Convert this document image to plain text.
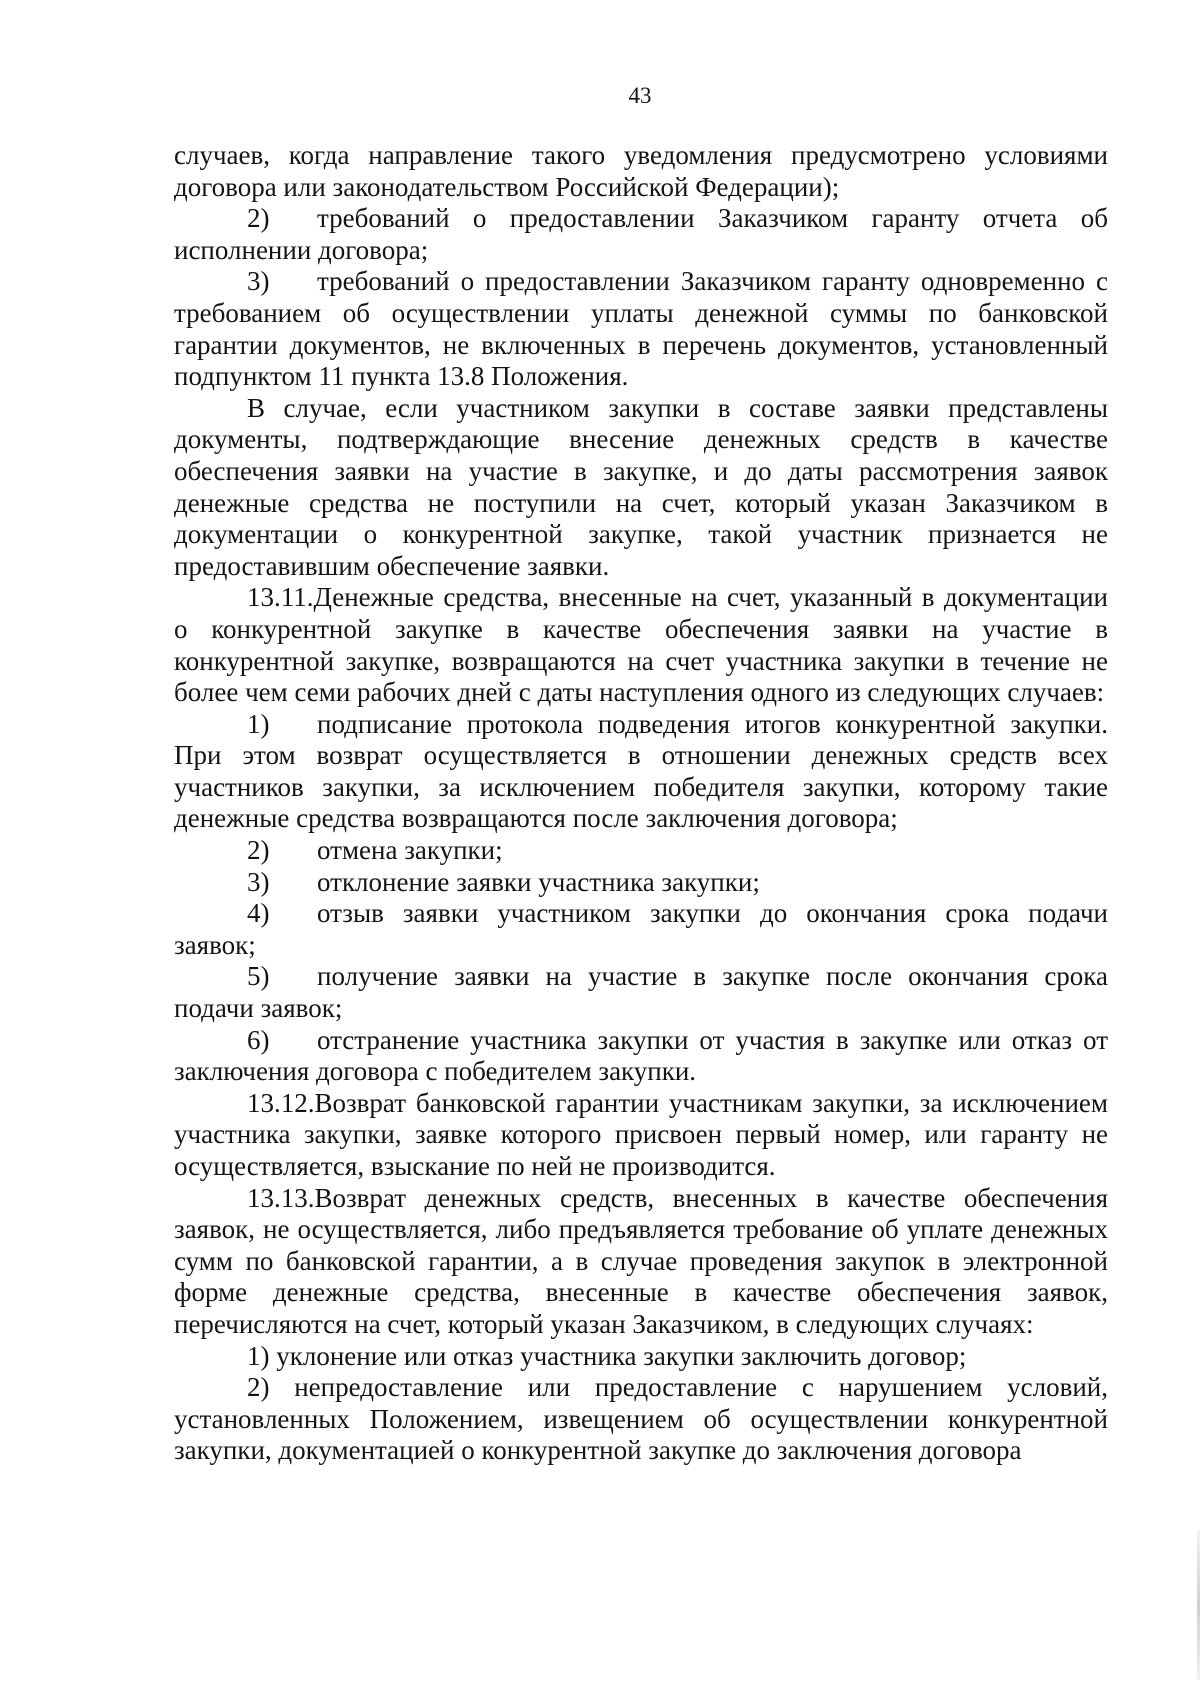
43

случаев, когда направление такого уведомления предусмотрено условиями договора или законодательством Российской Федерации);

2) требований о предоставлении Заказчиком гаранту отчета об исполнении договора;

3) требований о предоставлении Заказчиком гаранту одновременно с требованием об осуществлении уплаты денежной суммы по банковской гарантии документов, не включенных в перечень документов, установленный подпунктом 11 пункта 13.8 Положения.

В случае, если участником закупки в составе заявки представлены документы, подтверждающие внесение денежных средств в качестве обеспечения заявки на участие в закупке, и до даты рассмотрения заявок денежные средства не поступили на счет, который указан Заказчиком в документации о конкурентной закупке, такой участник признается не предоставившим обеспечение заявки.

13.11.Денежные средства, внесенные на счет, указанный в документации о конкурентной закупке в качестве обеспечения заявки на участие в конкурентной закупке, возвращаются на счет участника закупки в течение не более чем семи рабочих дней с даты наступления одного из следующих случаев:

1) подписание протокола подведения итогов конкурентной закупки. При этом возврат осуществляется в отношении денежных средств всех участников закупки, за исключением победителя закупки, которому такие денежные средства возвращаются после заключения договора;

2) отмена закупки;

3) отклонение заявки участника закупки;

4) отзыв заявки участником закупки до окончания срока подачи заявок;

5) получение заявки на участие в закупке после окончания срока подачи заявок;

6) отстранение участника закупки от участия в закупке или отказ от заключения договора с победителем закупки.

13.12.Возврат банковской гарантии участникам закупки, за исключением участника закупки, заявке которого присвоен первый номер, или гаранту не осуществляется, взыскание по ней не производится.

13.13.Возврат денежных средств, внесенных в качестве обеспечения заявок, не осуществляется, либо предъявляется требование об уплате денежных сумм по банковской гарантии, а в случае проведения закупок в электронной форме денежные средства, внесенные в качестве обеспечения заявок, перечисляются на счет, который указан Заказчиком, в следующих случаях:

1) уклонение или отказ участника закупки заключить договор;

2) непредоставление или предоставление с нарушением условий, установленных Положением, извещением об осуществлении конкурентной закупки, документацией о конкурентной закупке до заключения договора
